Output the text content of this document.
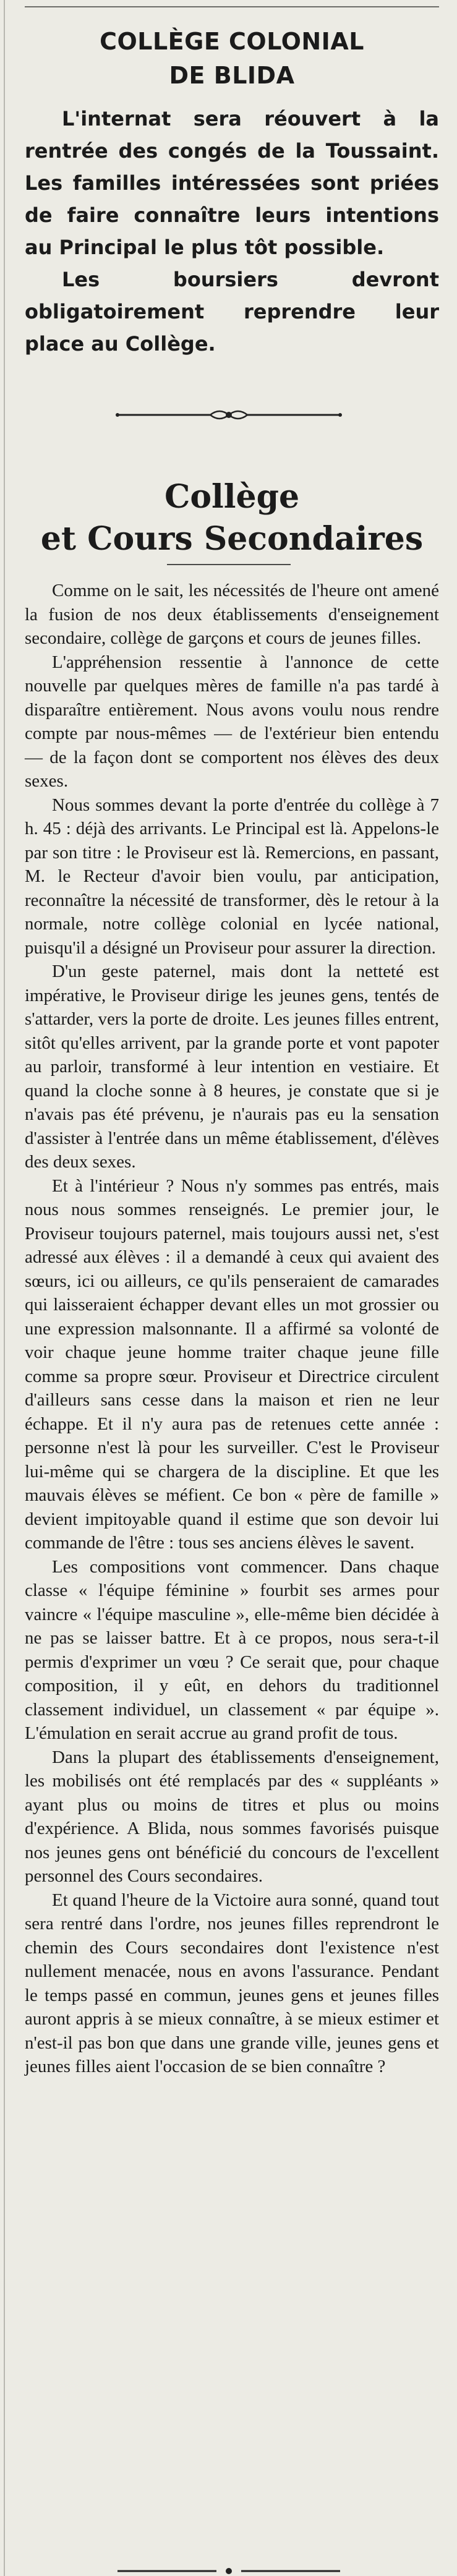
COLLÈGE COLONIAL
DE BLIDA

L'internat sera réouvert à la rentrée des congés de la Toussaint. Les familles intéressées sont priées de faire connaître leurs intentions au Principal le plus tôt possible.

Les boursiers devront obligatoirement reprendre leur place au Collège.

Collège
et Cours Secondaires

Comme on le sait, les nécessités de l'heure ont amené la fusion de nos deux établissements d'enseignement secondaire, collège de garçons et cours de jeunes filles.

L'appréhension ressentie à l'annonce de cette nouvelle par quelques mères de famille n'a pas tardé à disparaître entièrement. Nous avons voulu nous rendre compte par nous-mêmes — de l'extérieur bien entendu — de la façon dont se comportent nos élèves des deux sexes.

Nous sommes devant la porte d'entrée du collège à 7 h. 45 : déjà des arrivants. Le Principal est là. Appelons-le par son titre : le Proviseur est là. Remercions, en passant, M. le Recteur d'avoir bien voulu, par anticipation, reconnaître la nécessité de transformer, dès le retour à la normale, notre collège colonial en lycée national, puisqu'il a désigné un Proviseur pour assurer la direction.

D'un geste paternel, mais dont la netteté est impérative, le Proviseur dirige les jeunes gens, tentés de s'attarder, vers la porte de droite. Les jeunes filles entrent, sitôt qu'elles arrivent, par la grande porte et vont papoter au parloir, transformé à leur intention en vestiaire. Et quand la cloche sonne à 8 heures, je constate que si je n'avais pas été prévenu, je n'aurais pas eu la sensation d'assister à l'entrée dans un même établissement, d'élèves des deux sexes.

Et à l'intérieur ? Nous n'y sommes pas entrés, mais nous nous sommes renseignés. Le premier jour, le Proviseur toujours paternel, mais toujours aussi net, s'est adressé aux élèves : il a demandé à ceux qui avaient des sœurs, ici ou ailleurs, ce qu'ils penseraient de camarades qui laisseraient échapper devant elles un mot grossier ou une expression malsonnante. Il a affirmé sa volonté de voir chaque jeune homme traiter chaque jeune fille comme sa propre sœur. Proviseur et Directrice circulent d'ailleurs sans cesse dans la maison et rien ne leur échappe. Et il n'y aura pas de retenues cette année : personne n'est là pour les surveiller. C'est le Proviseur lui-même qui se chargera de la discipline. Et que les mauvais élèves se méfient. Ce bon « père de famille » devient impitoyable quand il estime que son devoir lui commande de l'être : tous ses anciens élèves le savent.

Les compositions vont commencer. Dans chaque classe « l'équipe féminine » fourbit ses armes pour vaincre « l'équipe masculine », elle-même bien décidée à ne pas se laisser battre. Et à ce propos, nous sera-t-il permis d'exprimer un vœu ? Ce serait que, pour chaque composition, il y eût, en dehors du traditionnel classement individuel, un classement « par équipe ». L'émulation en serait accrue au grand profit de tous.

Dans la plupart des établissements d'enseignement, les mobilisés ont été remplacés par des « suppléants » ayant plus ou moins de titres et plus ou moins d'expérience. A Blida, nous sommes favorisés puisque nos jeunes gens ont bénéficié du concours de l'excellent personnel des Cours secondaires.

Et quand l'heure de la Victoire aura sonné, quand tout sera rentré dans l'ordre, nos jeunes filles reprendront le chemin des Cours secondaires dont l'existence n'est nullement menacée, nous en avons l'assurance. Pendant le temps passé en commun, jeunes gens et jeunes filles auront appris à se mieux connaître, à se mieux estimer et n'est-il pas bon que dans une grande ville, jeunes gens et jeunes filles aient l'occasion de se bien connaître ?
